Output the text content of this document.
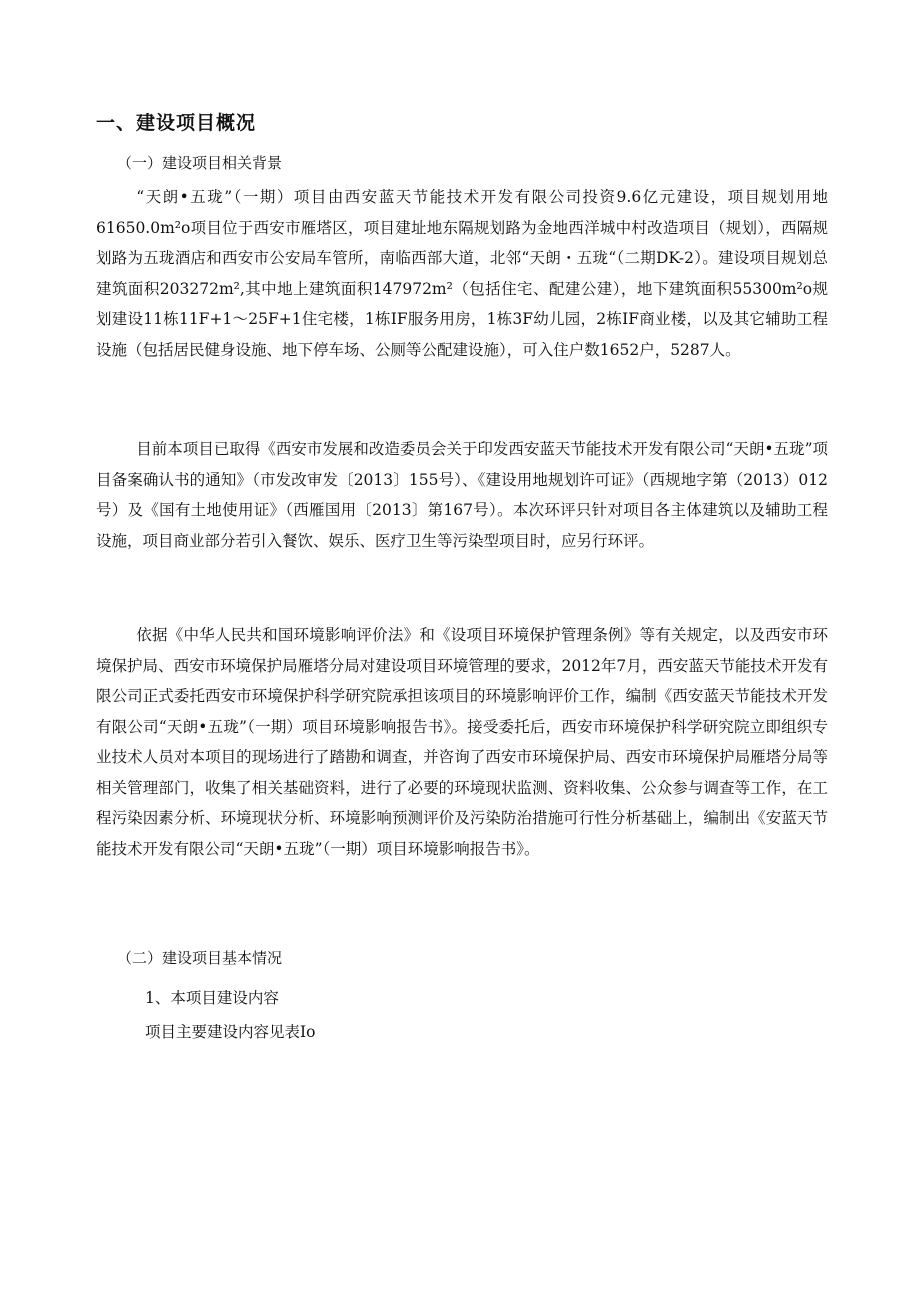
一、建设项目概况

（一）建设项目相关背景

“天朗•五珑”（一期）项目由西安蓝天节能技术开发有限公司投资9.6亿元建设，项目规划用地61650.0m²o项目位于西安市雁塔区，项目建址地东隔规划路为金地西洋城中村改造项目（规划），西隔规划路为五珑酒店和西安市公安局车管所，南临西部大道，北邻“天朗・五珑“（二期DK-2）。建设项目规划总建筑面积203272m²,其中地上建筑面积147972m²（包括住宅、配建公建），地下建筑面积55300m²o规划建设11栋11F+1～25F+1住宅楼，1栋IF服务用房，1栋3F幼儿园，2栋IF商业楼，以及其它辅助工程设施（包括居民健身设施、地下停车场、公厕等公配建设施），可入住户数1652户，5287人。

目前本项目已取得《西安市发展和改造委员会关于印发西安蓝天节能技术开发有限公司“天朗•五珑”项目备案确认书的通知》（市发改审发〔2013〕155号）、《建设用地规划许可证》（西规地字第（2013）012号）及《国有土地使用证》（西雁国用〔2013〕第167号）。本次环评只针对项目各主体建筑以及辅助工程设施，项目商业部分若引入餐饮、娱乐、医疗卫生等污染型项目时，应另行环评。

依据《中华人民共和国环境影响评价法》和《设项目环境保护管理条例》等有关规定，以及西安市环境保护局、西安市环境保护局雁塔分局对建设项目环境管理的要求，2012年7月，西安蓝天节能技术开发有限公司正式委托西安市环境保护科学研究院承担该项目的环境影响评价工作，编制《西安蓝天节能技术开发有限公司“天朗•五珑”（一期）项目环境影响报告书》。接受委托后，西安市环境保护科学研究院立即组织专业技术人员对本项目的现场进行了踏勘和调查，并咨询了西安市环境保护局、西安市环境保护局雁塔分局等相关管理部门，收集了相关基础资料，进行了必要的环境现状监测、资料收集、公众参与调查等工作，在工程污染因素分析、环境现状分析、环境影响预测评价及污染防治措施可行性分析基础上，编制出《安蓝天节能技术开发有限公司“天朗•五珑”（一期）项目环境影响报告书》。

（二）建设项目基本情况

1、本项目建设内容

项目主要建设内容见表Io
